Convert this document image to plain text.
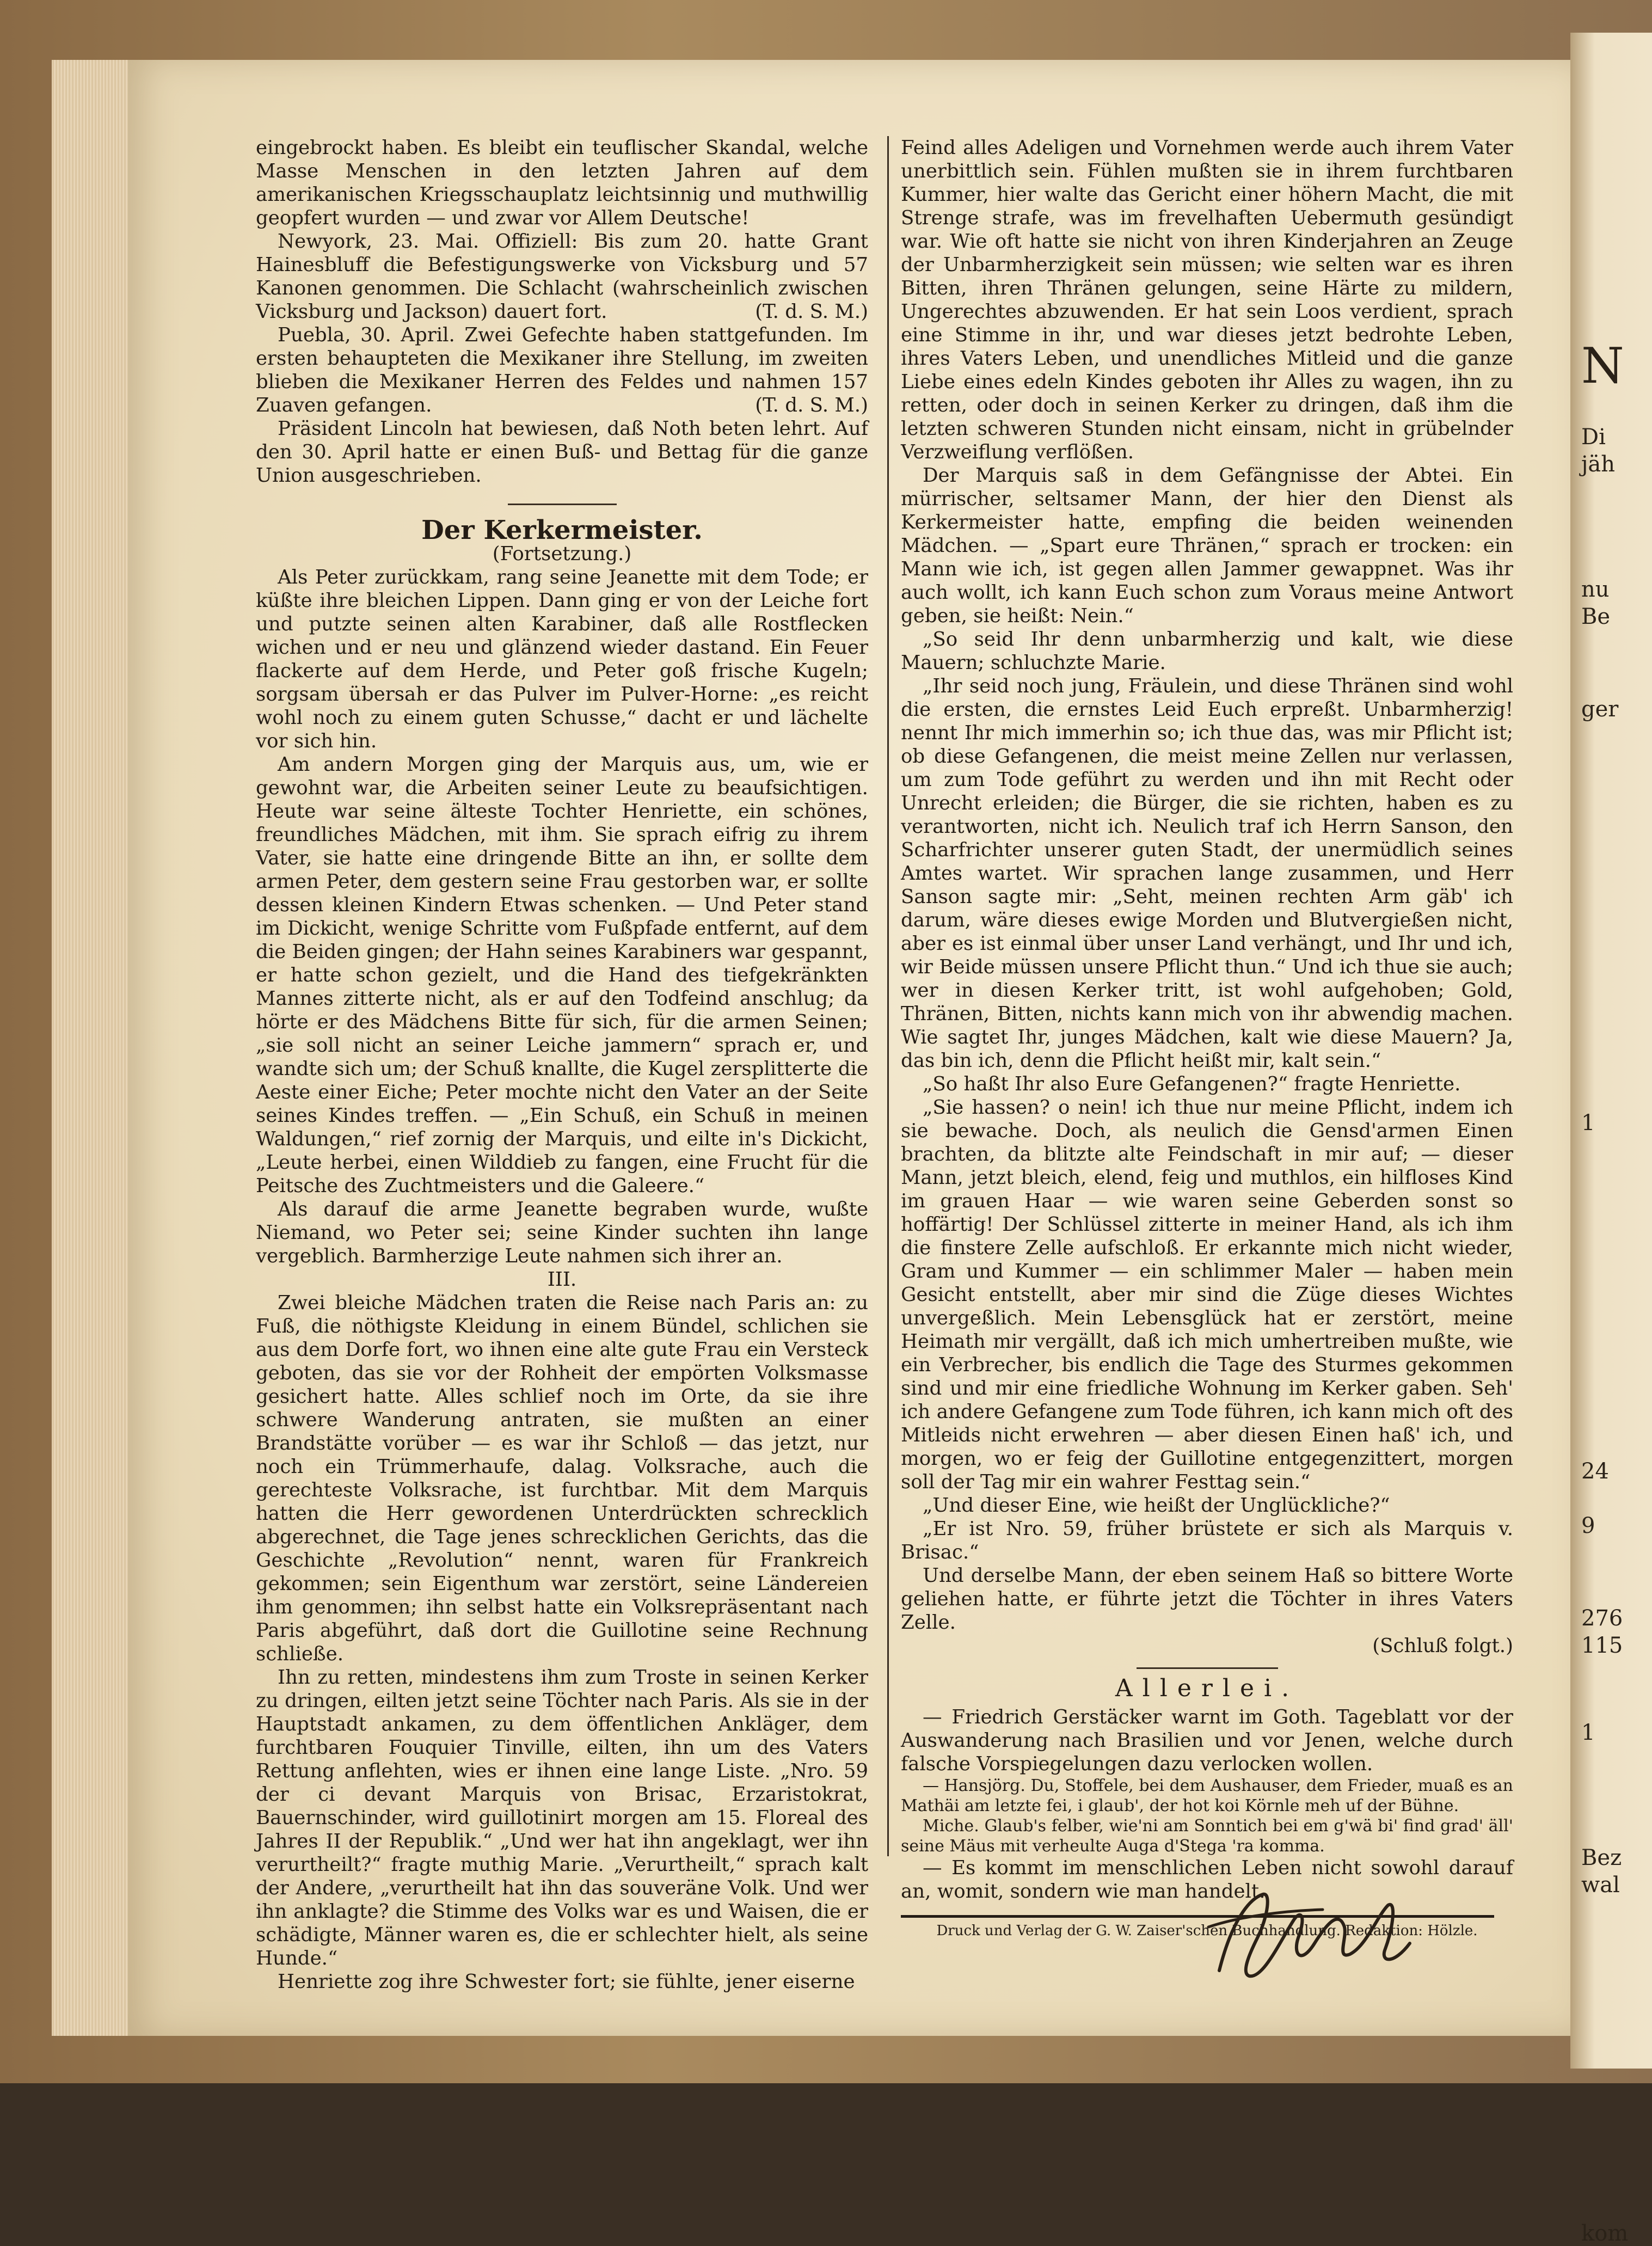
N
Di
jäh
nu
Be
ger
1
24
9
276
115
1
kom
Bez
wal

eingebrockt haben. Es bleibt ein teuflischer Skandal, welche Masse Menschen in den letzten Jahren auf dem amerikanischen Kriegsschauplatz leichtsinnig und muthwillig geopfert wurden — und zwar vor Allem Deutsche!

Newyork, 23. Mai. Offiziell: Bis zum 20. hatte Grant Hainesbluff die Befestigungswerke von Vicksburg und 57 Kanonen genommen. Die Schlacht (wahrscheinlich zwischen Vicksburg und Jackson) dauert fort.	(T. d. S. M.)

Puebla, 30. April. Zwei Gefechte haben stattgefunden. Im ersten behaupteten die Mexikaner ihre Stellung, im zweiten blieben die Mexikaner Herren des Feldes und nahmen 157 Zuaven gefangen.	(T. d. S. M.)

Präsident Lincoln hat bewiesen, daß Noth beten lehrt. Auf den 30. April hatte er einen Buß- und Bettag für die ganze Union ausgeschrieben.

Der Kerkermeister.

(Fortsetzung.)

Als Peter zurückkam, rang seine Jeanette mit dem Tode; er küßte ihre bleichen Lippen. Dann ging er von der Leiche fort und putzte seinen alten Karabiner, daß alle Rostflecken wichen und er neu und glänzend wieder dastand. Ein Feuer flackerte auf dem Herde, und Peter goß frische Kugeln; sorgsam übersah er das Pulver im Pulver-Horne: „es reicht wohl noch zu einem guten Schusse,“ dacht er und lächelte vor sich hin.

Am andern Morgen ging der Marquis aus, um, wie er gewohnt war, die Arbeiten seiner Leute zu beaufsichtigen. Heute war seine älteste Tochter Henriette, ein schönes, freundliches Mädchen, mit ihm. Sie sprach eifrig zu ihrem Vater, sie hatte eine dringende Bitte an ihn, er sollte dem armen Peter, dem gestern seine Frau gestorben war, er sollte dessen kleinen Kindern Etwas schenken. — Und Peter stand im Dickicht, wenige Schritte vom Fußpfade entfernt, auf dem die Beiden gingen; der Hahn seines Karabiners war gespannt, er hatte schon gezielt, und die Hand des tiefgekränkten Mannes zitterte nicht, als er auf den Todfeind anschlug; da hörte er des Mädchens Bitte für sich, für die armen Seinen; „sie soll nicht an seiner Leiche jammern“ sprach er, und wandte sich um; der Schuß knallte, die Kugel zersplitterte die Aeste einer Eiche; Peter mochte nicht den Vater an der Seite seines Kindes treffen. — „Ein Schuß, ein Schuß in meinen Waldungen,“ rief zornig der Marquis, und eilte in's Dickicht, „Leute herbei, einen Wilddieb zu fangen, eine Frucht für die Peitsche des Zuchtmeisters und die Galeere.“

Als darauf die arme Jeanette begraben wurde, wußte Niemand, wo Peter sei; seine Kinder suchten ihn lange vergeblich. Barmherzige Leute nahmen sich ihrer an.

III.

Zwei bleiche Mädchen traten die Reise nach Paris an: zu Fuß, die nöthigste Kleidung in einem Bündel, schlichen sie aus dem Dorfe fort, wo ihnen eine alte gute Frau ein Versteck geboten, das sie vor der Rohheit der empörten Volksmasse gesichert hatte. Alles schlief noch im Orte, da sie ihre schwere Wanderung antraten, sie mußten an einer Brandstätte vorüber — es war ihr Schloß — das jetzt, nur noch ein Trümmerhaufe, dalag. Volksrache, auch die gerechteste Volksrache, ist furchtbar. Mit dem Marquis hatten die Herr gewordenen Unterdrückten schrecklich abgerechnet, die Tage jenes schrecklichen Gerichts, das die Geschichte „Revolution“ nennt, waren für Frankreich gekommen; sein Eigenthum war zerstört, seine Ländereien ihm genommen; ihn selbst hatte ein Volksrepräsentant nach Paris abgeführt, daß dort die Guillotine seine Rechnung schließe.

Ihn zu retten, mindestens ihm zum Troste in seinen Kerker zu dringen, eilten jetzt seine Töchter nach Paris. Als sie in der Hauptstadt ankamen, zu dem öffentlichen Ankläger, dem furchtbaren Fouquier Tinville, eilten, ihn um des Vaters Rettung anflehten, wies er ihnen eine lange Liste. „Nro. 59 der ci devant Marquis von Brisac, Erzaristokrat, Bauernschinder, wird guillotinirt morgen am 15. Floreal des Jahres II der Republik.“ „Und wer hat ihn angeklagt, wer ihn verurtheilt?“ fragte muthig Marie. „Verurtheilt,“ sprach kalt der Andere, „verurtheilt hat ihn das souveräne Volk. Und wer ihn anklagte? die Stimme des Volks war es und Waisen, die er schädigte, Männer waren es, die er schlechter hielt, als seine Hunde.“

Henriette zog ihre Schwester fort; sie fühlte, jener eiserne

Feind alles Adeligen und Vornehmen werde auch ihrem Vater unerbittlich sein. Fühlen mußten sie in ihrem furchtbaren Kummer, hier walte das Gericht einer höhern Macht, die mit Strenge strafe, was im frevelhaften Uebermuth gesündigt war. Wie oft hatte sie nicht von ihren Kinderjahren an Zeuge der Unbarmherzigkeit sein müssen; wie selten war es ihren Bitten, ihren Thränen gelungen, seine Härte zu mildern, Ungerechtes abzuwenden. Er hat sein Loos verdient, sprach eine Stimme in ihr, und war dieses jetzt bedrohte Leben, ihres Vaters Leben, und unendliches Mitleid und die ganze Liebe eines edeln Kindes geboten ihr Alles zu wagen, ihn zu retten, oder doch in seinen Kerker zu dringen, daß ihm die letzten schweren Stunden nicht einsam, nicht in grübelnder Verzweiflung verflößen.

Der Marquis saß in dem Gefängnisse der Abtei. Ein mürrischer, seltsamer Mann, der hier den Dienst als Kerkermeister hatte, empfing die beiden weinenden Mädchen. — „Spart eure Thränen,“ sprach er trocken: ein Mann wie ich, ist gegen allen Jammer gewappnet. Was ihr auch wollt, ich kann Euch schon zum Voraus meine Antwort geben, sie heißt: Nein.“

„So seid Ihr denn unbarmherzig und kalt, wie diese Mauern; schluchzte Marie.

„Ihr seid noch jung, Fräulein, und diese Thränen sind wohl die ersten, die ernstes Leid Euch erpreßt. Unbarmherzig! nennt Ihr mich immerhin so; ich thue das, was mir Pflicht ist; ob diese Gefangenen, die meist meine Zellen nur verlassen, um zum Tode geführt zu werden und ihn mit Recht oder Unrecht erleiden; die Bürger, die sie richten, haben es zu verantworten, nicht ich. Neulich traf ich Herrn Sanson, den Scharfrichter unserer guten Stadt, der unermüdlich seines Amtes wartet. Wir sprachen lange zusammen, und Herr Sanson sagte mir: „Seht, meinen rechten Arm gäb' ich darum, wäre dieses ewige Morden und Blutvergießen nicht, aber es ist einmal über unser Land verhängt, und Ihr und ich, wir Beide müssen unsere Pflicht thun.“ Und ich thue sie auch; wer in diesen Kerker tritt, ist wohl aufgehoben; Gold, Thränen, Bitten, nichts kann mich von ihr abwendig machen. Wie sagtet Ihr, junges Mädchen, kalt wie diese Mauern? Ja, das bin ich, denn die Pflicht heißt mir, kalt sein.“

„So haßt Ihr also Eure Gefangenen?“ fragte Henriette.

„Sie hassen? o nein! ich thue nur meine Pflicht, indem ich sie bewache. Doch, als neulich die Gensd'armen Einen brachten, da blitzte alte Feindschaft in mir auf; — dieser Mann, jetzt bleich, elend, feig und muthlos, ein hilfloses Kind im grauen Haar — wie waren seine Geberden sonst so hoffärtig! Der Schlüssel zitterte in meiner Hand, als ich ihm die finstere Zelle aufschloß. Er erkannte mich nicht wieder, Gram und Kummer — ein schlimmer Maler — haben mein Gesicht entstellt, aber mir sind die Züge dieses Wichtes unvergeßlich. Mein Lebensglück hat er zerstört, meine Heimath mir vergällt, daß ich mich umhertreiben mußte, wie ein Verbrecher, bis endlich die Tage des Sturmes gekommen sind und mir eine friedliche Wohnung im Kerker gaben. Seh' ich andere Gefangene zum Tode führen, ich kann mich oft des Mitleids nicht erwehren — aber diesen Einen haß' ich, und morgen, wo er feig der Guillotine entgegenzittert, morgen soll der Tag mir ein wahrer Festtag sein.“

„Und dieser Eine, wie heißt der Unglückliche?“

„Er ist Nro. 59, früher brüstete er sich als Marquis v. Brisac.“

Und derselbe Mann, der eben seinem Haß so bittere Worte geliehen hatte, er führte jetzt die Töchter in ihres Vaters Zelle.

(Schluß folgt.)

Allerlei.

— Friedrich Gerstäcker warnt im Goth. Tageblatt vor der Auswanderung nach Brasilien und vor Jenen, welche durch falsche Vorspiegelungen dazu verlocken wollen.

— Hansjörg. Du, Stoffele, bei dem Aushauser, dem Frieder, muaß es an Mathäi am letzte fei, i glaub', der hot koi Körnle meh uf der Bühne.

Miche. Glaub's felber, wie'ni am Sonntich bei em g'wä bi' find grad' äll' seine Mäus mit verheulte Auga d'Stega 'ra komma.

— Es kommt im menschlichen Leben nicht sowohl darauf an, womit, sondern wie man handelt.

Druck und Verlag der G. W. Zaiser'schen Buchhandlung. Redaktion: Hölzle.
